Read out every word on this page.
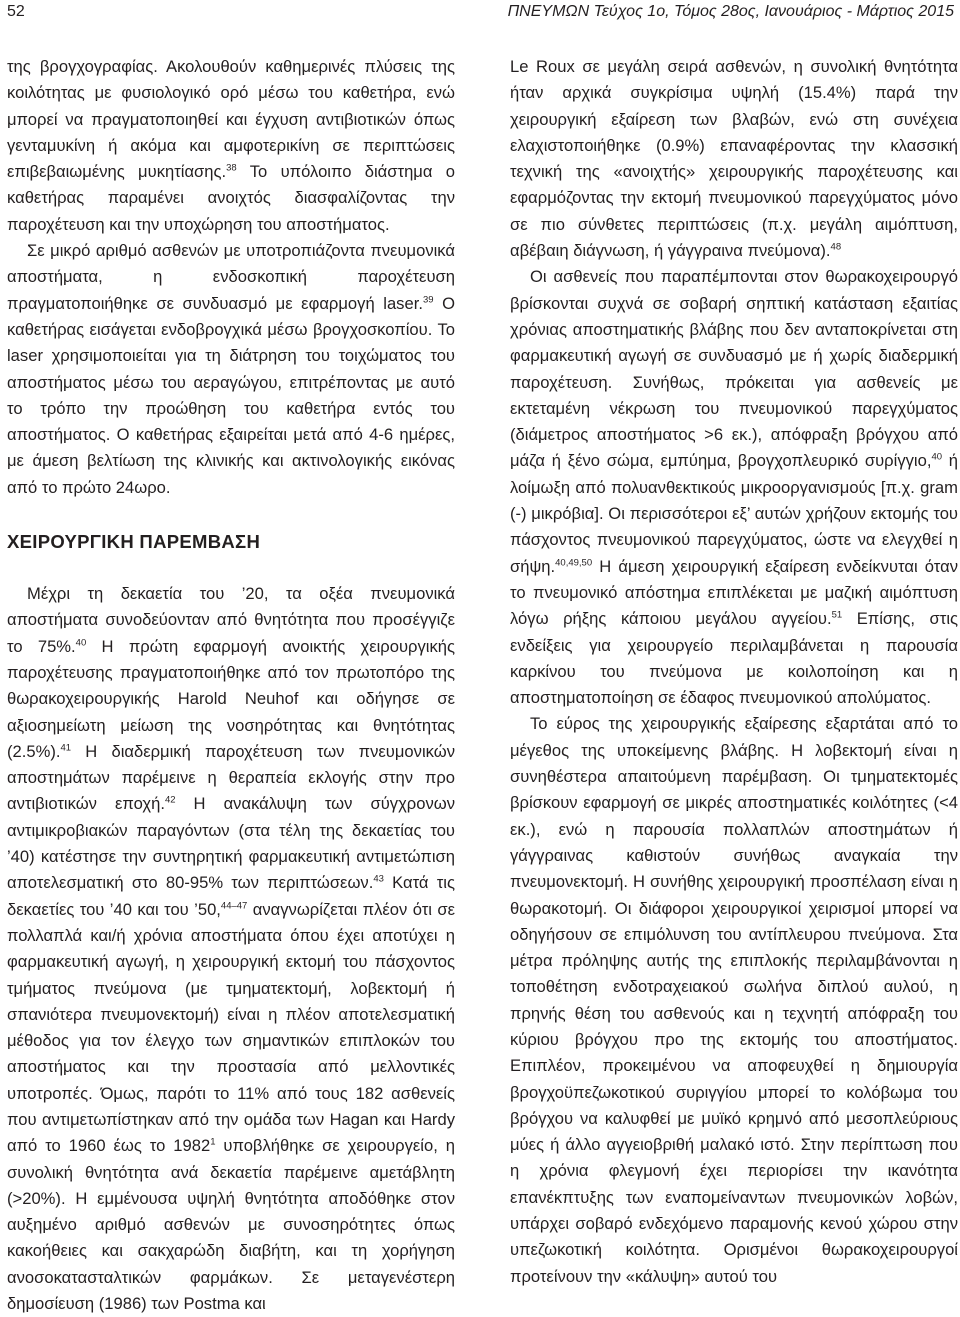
52	ΠΝΕΥΜΩΝ Τεύχος 1ο, Τόμος 28ος, Ιανουάριος - Μάρτιος 2015

της βρογχογραφίας. Ακολουθούν καθημερινές πλύσεις της κοιλότητας με φυσιολογικό ορό μέσω του καθετήρα, ενώ μπορεί να πραγματοποιηθεί και έγχυση αντιβιοτικών όπως γενταμυκίνη ή ακόμα και αμφοτερικίνη σε περιπτώσεις επιβεβαιωμένης μυκητίασης.$^{38}$ Το υπόλοιπο διάστημα ο καθετήρας παραμένει ανοιχτός διασφαλίζοντας την παροχέτευση και την υποχώρηση του αποστήματος.

Σε μικρό αριθμό ασθενών με υποτροπιάζοντα πνευμονικά αποστήματα, η ενδοσκοπική παροχέτευση πραγματοποιήθηκε σε συνδυασμό με εφαρμογή laser.$^{39}$ Ο καθετήρας εισάγεται ενδοβρογχικά μέσω βρογχοσκοπίου. Το laser χρησιμοποιείται για τη διάτρηση του τοιχώματος του αποστήματος μέσω του αεραγώγου, επιτρέποντας με αυτό το τρόπο την προώθηση του καθετήρα εντός του αποστήματος. Ο καθετήρας εξαιρείται μετά από 4-6 ημέρες, με άμεση βελτίωση της κλινικής και ακτινολογικής εικόνας από το πρώτο 24ωρο.

ΧΕΙΡΟΥΡΓΙΚΗ ΠΑΡΕΜΒΑΣΗ

Μέχρι τη δεκαετία του ’20, τα οξέα πνευμονικά αποστήματα συνοδεύονταν από θνητότητα που προσέγγιζε το 75%.$^{40}$ Η πρώτη εφαρμογή ανοικτής χειρουργικής παροχέτευσης πραγματοποιήθηκε από τον πρωτοπόρο της θωρακοχειρουργικής Harold Neuhof και οδήγησε σε αξιοσημείωτη μείωση της νοσηρότητας και θνητότητας (2.5%).$^{41}$ Η διαδερμική παροχέτευση των πνευμονικών αποστημάτων παρέμεινε η θεραπεία εκλογής στην προ αντιβιοτικών εποχή.$^{42}$ Η ανακάλυψη των σύγχρονων αντιμικροβιακών παραγόντων (στα τέλη της δεκαετίας του ’40) κατέστησε την συντηρητική φαρμακευτική αντιμετώπιση αποτελεσματική στο 80-95% των περιπτώσεων.$^{43}$ Κατά τις δεκαετίες του ’40 και του ’50,$^{44-47}$ αναγνωρίζεται πλέον ότι σε πολλαπλά και/ή χρόνια αποστήματα όπου έχει αποτύχει η φαρμακευτική αγωγή, η χειρουργική εκτομή του πάσχοντος τμήματος πνεύμονα (με τμηματεκτομή, λοβεκτομή ή σπανιότερα πνευμονεκτομή) είναι η πλέον αποτελεσματική μέθοδος για τον έλεγχο των σημαντικών επιπλοκών του αποστήματος και την προστασία από μελλοντικές υποτροπές. Όμως, παρότι το 11% από τους 182 ασθενείς που αντιμετωπίστηκαν από την ομάδα των Hagan και Hardy από το 1960 έως το 1982$^1$ υποβλήθηκε σε χειρουργείο, η συνολική θνητότητα ανά δεκαετία παρέμεινε αμετάβλητη (>20%). Η εμμένουσα υψηλή θνητότητα αποδόθηκε στον αυξημένο αριθμό ασθενών με συνοσηρότητες όπως κακοήθειες και σακχαρώδη διαβήτη, και τη χορήγηση ανοσοκατασταλτικών φαρμάκων. Σε μεταγενέστερη δημοσίευση (1986) των Postma και

Le Roux σε μεγάλη σειρά ασθενών, η συνολική θνητότητα ήταν αρχικά συγκρίσιμα υψηλή (15.4%) παρά την χειρουργική εξαίρεση των βλαβών, ενώ στη συνέχεια ελαχιστοποιήθηκε (0.9%) επαναφέροντας την κλασσική τεχνική της «ανοιχτής» χειρουργικής παροχέτευσης και εφαρμόζοντας την εκτομή πνευμονικού παρεγχύματος μόνο σε πιο σύνθετες περιπτώσεις (π.χ. μεγάλη αιμόπτυση, αβέβαιη διάγνωση, ή γάγγραινα πνεύμονα).$^{48}$

Οι ασθενείς που παραπέμπονται στον θωρακοχειρουργό βρίσκονται συχνά σε σοβαρή σηπτική κατάσταση εξαιτίας χρόνιας αποστηματικής βλάβης που δεν ανταποκρίνεται στη φαρμακευτική αγωγή σε συνδυασμό με ή χωρίς διαδερμική παροχέτευση. Συνήθως, πρόκειται για ασθενείς με εκτεταμένη νέκρωση του πνευμονικού παρεγχύματος (διάμετρος αποστήματος >6 εκ.), απόφραξη βρόγχου από μάζα ή ξένο σώμα, εμπύημα, βρογχοπλευρικό συρίγγιο,$^{40}$ ή λοίμωξη από πολυανθεκτικούς μικροοργανισμούς [π.χ. gram (-) μικρόβια]. Οι περισσότεροι εξ’ αυτών χρήζουν εκτομής του πάσχοντος πνευμονικού παρεγχύματος, ώστε να ελεγχθεί η σήψη.$^{40,49,50}$ Η άμεση χειρουργική εξαίρεση ενδείκνυται όταν το πνευμονικό απόστημα επιπλέκεται με μαζική αιμόπτυση λόγω ρήξης κάποιου μεγάλου αγγείου.$^{51}$ Επίσης, στις ενδείξεις για χειρουργείο περιλαμβάνεται η παρουσία καρκίνου του πνεύμονα με κοιλοποίηση και η αποστηματοποίηση σε έδαφος πνευμονικού απολύματος.

Το εύρος της χειρουργικής εξαίρεσης εξαρτάται από το μέγεθος της υποκείμενης βλάβης. Η λοβεκτομή είναι η συνηθέστερα απαιτούμενη παρέμβαση. Οι τμηματεκτομές βρίσκουν εφαρμογή σε μικρές αποστηματικές κοιλότητες (<4 εκ.), ενώ η παρουσία πολλαπλών αποστημάτων ή γάγγραινας καθιστούν συνήθως αναγκαία την πνευμονεκτομή. Η συνήθης χειρουργική προσπέλαση είναι η θωρακοτομή. Οι διάφοροι χειρουργικοί χειρισμοί μπορεί να οδηγήσουν σε επιμόλυνση του αντίπλευρου πνεύμονα. Στα μέτρα πρόληψης αυτής της επιπλοκής περιλαμβάνονται η τοποθέτηση ενδοτραχειακού σωλήνα διπλού αυλού, η πρηνής θέση του ασθενούς και η τεχνητή απόφραξη του κύριου βρόγχου προ της εκτομής του αποστήματος. Επιπλέον, προκειμένου να αποφευχθεί η δημιουργία βρογχοϋπεζωκοτικού συριγγίου μπορεί το κολόβωμα του βρόγχου να καλυφθεί με μυϊκό κρημνό από μεσοπλεύριους μύες ή άλλο αγγειοβριθή μαλακό ιστό. Στην περίπτωση που η χρόνια φλεγμονή έχει περιορίσει την ικανότητα επανέκπτυξης των εναπομείναντων πνευμονικών λοβών, υπάρχει σοβαρό ενδεχόμενο παραμονής κενού χώρου στην υπεζωκοτική κοιλότητα. Ορισμένοι θωρακοχειρουργοί προτείνουν την «κάλυψη» αυτού του
